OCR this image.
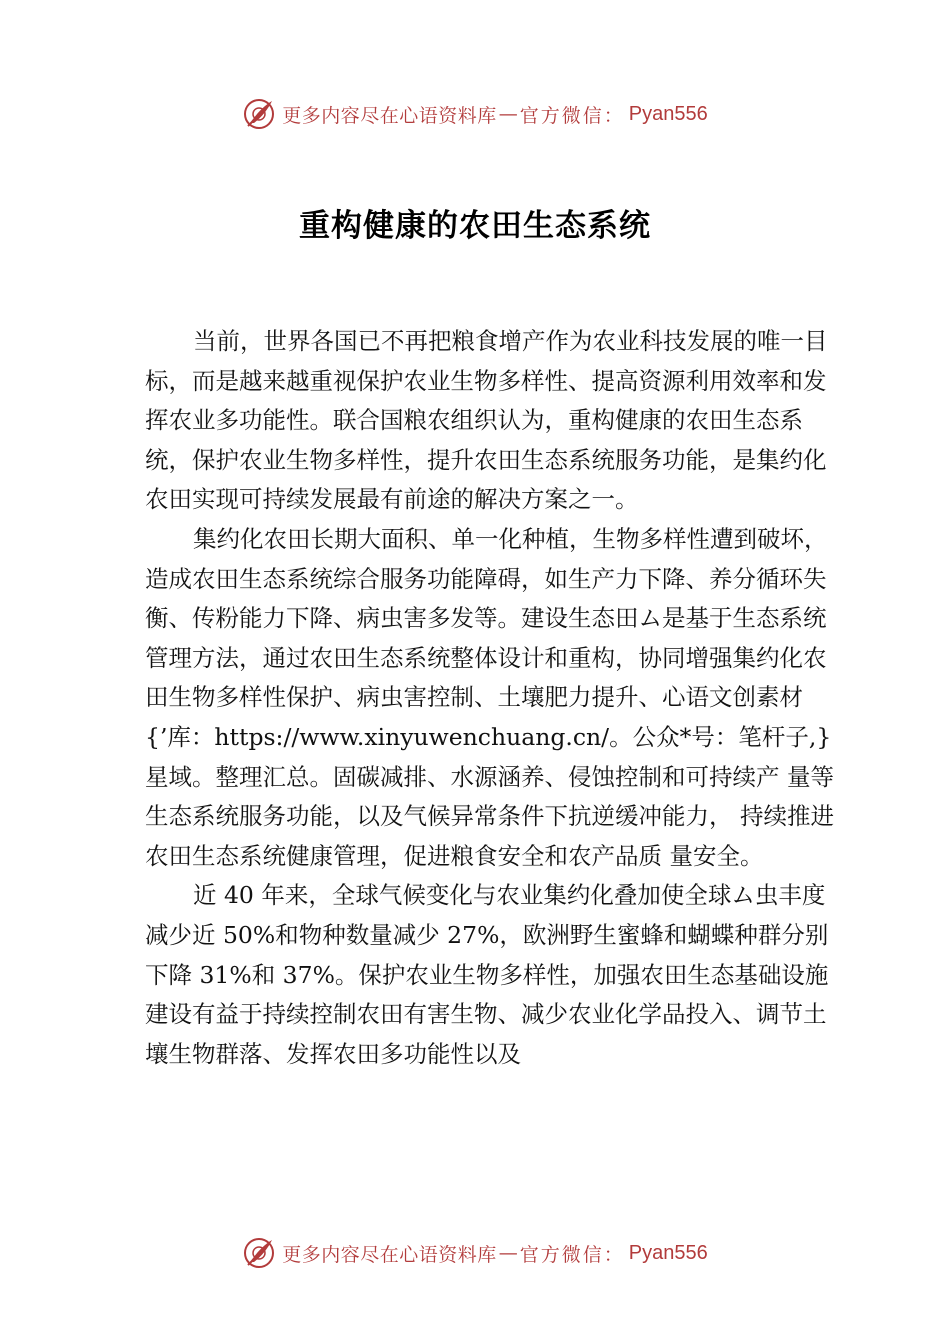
更多内容尽在心语资料库 — 官方微信： Pyan556
重构健康的农田生态系统

当前，世界各国已不再把粮食增产作为农业科技发展的唯一目标，而是越来越重视保护农业生物多样性、提高资源利用效率和发挥农业多功能性。联合国粮农组织认为，重构健康的农田生态系统，保护农业生物多样性，提升农田生态系统服务功能，是集约化农田实现可持续发展最有前途的解决方案之一。

集约化农田长期大面积、单一化种植，生物多样性遭到破坏，造成农田生态系统综合服务功能障碍，如生产力下降、养分循环失衡、传粉能力下降、病虫害多发等。建设生态田ム是基于生态系统管理方法，通过农田生态系统整体设计和重构，协同增强集约化农田生物多样性保护、病虫害控制、土壤肥力提升、心语文创素材{’库：https://www.xinyuwenchuang.cn/。公众*号：笔杆子,}星域。整理汇总。固碳减排、水源涵养、侵蚀控制和可持续产 量等生态系统服务功能，以及气候异常条件下抗逆缓冲能力， 持续推进农田生态系统健康管理，促进粮食安全和农产品质 量安全。

近 40 年来，全球气候变化与农业集约化叠加使全球ム虫丰度减少近 50%和物种数量减少 27%，欧洲野生蜜蜂和蝴蝶种群分别下降 31%和 37%。保护农业生物多样性，加强农田生态基础设施建设有益于持续控制农田有害生物、减少农业化学品投入、调节土壤生物群落、发挥农田多功能性以及

更多内容尽在心语资料库 — 官方微信： Pyan556
